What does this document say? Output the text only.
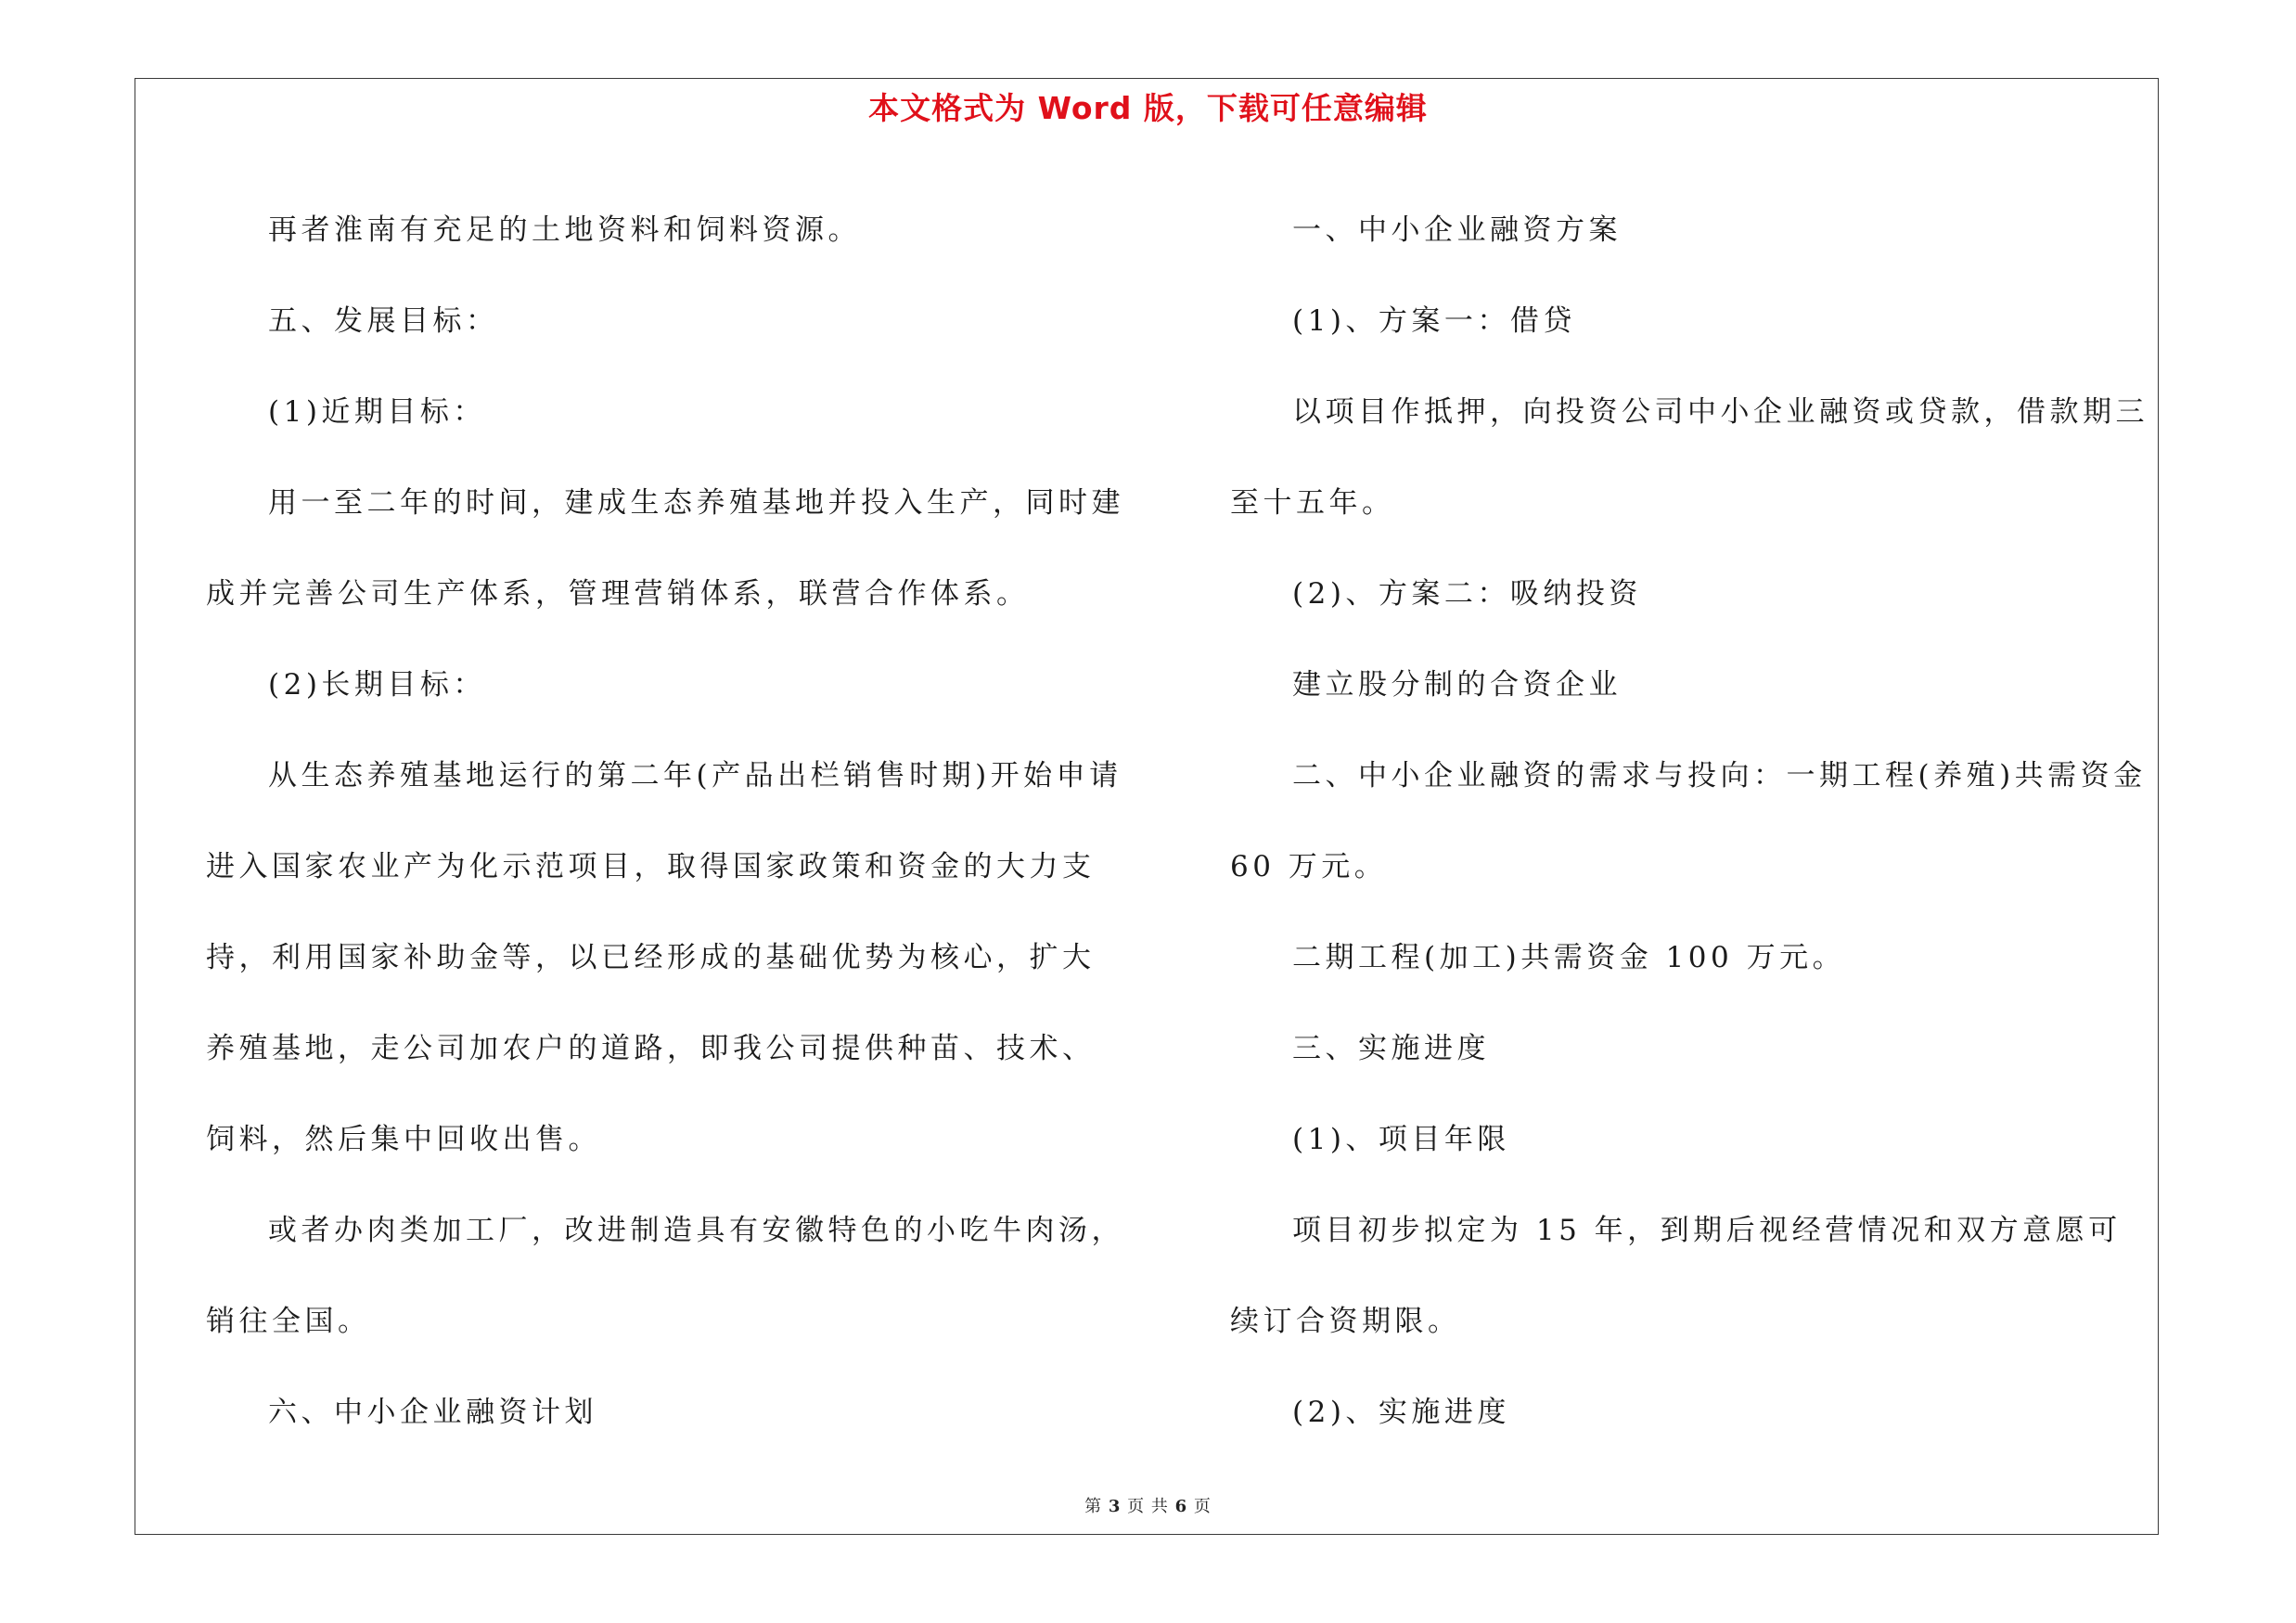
本文格式为 Word 版，下载可任意编辑

再者淮南有充足的土地资料和饲料资源。

五、发展目标：

(1)近期目标：

用一至二年的时间，建成生态养殖基地并投入生产，同时建成并完善公司生产体系，管理营销体系，联营合作体系。

(2)长期目标：

从生态养殖基地运行的第二年(产品出栏销售时期)开始申请进入国家农业产为化示范项目，取得国家政策和资金的大力支持，利用国家补助金等，以已经形成的基础优势为核心，扩大养殖基地，走公司加农户的道路，即我公司提供种苗、技术、饲料，然后集中回收出售。

或者办肉类加工厂，改进制造具有安徽特色的小吃牛肉汤，销往全国。

六、中小企业融资计划

一、中小企业融资方案

(1)、方案一：借贷

以项目作抵押，向投资公司中小企业融资或贷款，借款期三至十五年。

(2)、方案二：吸纳投资

建立股分制的合资企业

二、中小企业融资的需求与投向：一期工程(养殖)共需资金 60 万元。

二期工程(加工)共需资金 100 万元。

三、实施进度

(1)、项目年限

项目初步拟定为 15 年，到期后视经营情况和双方意愿可续订合资期限。

(2)、实施进度

第 3 页 共 6 页
